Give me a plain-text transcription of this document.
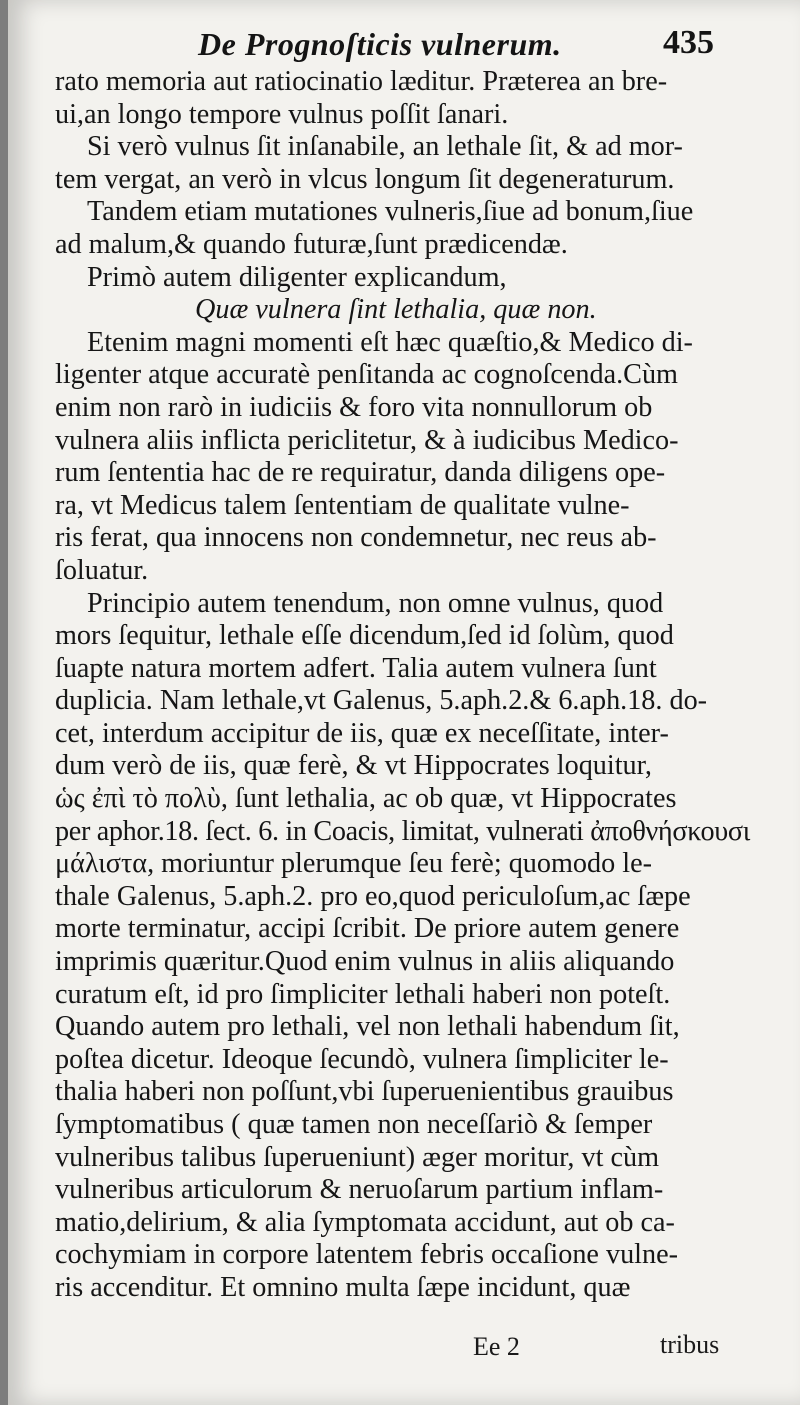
De Prognoſticis vulnerum.	435
rato memoria aut ratiocinatio læditur. Præterea an bre-
ui,an longo tempore vulnus poſſit ſanari.
Si verò vulnus ſit inſanabile, an lethale ſit, & ad mor-
tem vergat, an verò in vlcus longum ſit degeneraturum.
Tandem etiam mutationes vulneris,ſiue ad bonum,ſiue
ad malum,& quando futuræ,ſunt prædicendæ.
Primò autem diligenter explicandum,
Quæ vulnera ſint lethalia, quæ non.
Etenim magni momenti eſt hæc quæſtio,& Medico di-
ligenter atque accuratè penſitanda ac cognoſcenda.Cùm
enim non rarò in iudiciis & foro vita nonnullorum ob
vulnera aliis inflicta periclitetur, & à iudicibus Medico-
rum ſententia hac de re requiratur, danda diligens ope-
ra, vt Medicus talem ſententiam de qualitate vulne-
ris ferat, qua innocens non condemnetur, nec reus ab-
ſoluatur.
Principio autem tenendum, non omne vulnus, quod
mors ſequitur, lethale eſſe dicendum,ſed id ſolùm, quod
ſuapte natura mortem adfert. Talia autem vulnera ſunt
duplicia. Nam lethale,vt Galenus, 5.aph.2.& 6.aph.18. do-
cet, interdum accipitur de iis, quæ ex neceſſitate, inter-
dum verò de iis, quæ ferè, & vt Hippocrates loquitur,
ὡς ἐπὶ τὸ πολὺ, ſunt lethalia, ac ob quæ, vt Hippocrates
per aphor.18. ſect. 6. in Coacis, limitat, vulnerati ἀποθνήσκουσι
μάλιστα, moriuntur plerumque ſeu ferè; quomodo le-
thale Galenus, 5.aph.2. pro eo,quod periculoſum,ac ſæpe
morte terminatur, accipi ſcribit. De priore autem genere
imprimis quæritur.Quod enim vulnus in aliis aliquando
curatum eſt, id pro ſimpliciter lethali haberi non poteſt.
Quando autem pro lethali, vel non lethali habendum ſit,
poſtea dicetur. Ideoque ſecundò, vulnera ſimpliciter le-
thalia haberi non poſſunt,vbi ſuperuenientibus grauibus
ſymptomatibus ( quæ tamen non neceſſariò & ſemper
vulneribus talibus ſuperueniunt) æger moritur, vt cùm
vulneribus articulorum & neruoſarum partium inflam-
matio,delirium, & alia ſymptomata accidunt, aut ob ca-
cochymiam in corpore latentem febris occaſione vulne-
ris accenditur. Et omnino multa ſæpe incidunt, quæ
Ee 2	tribus
